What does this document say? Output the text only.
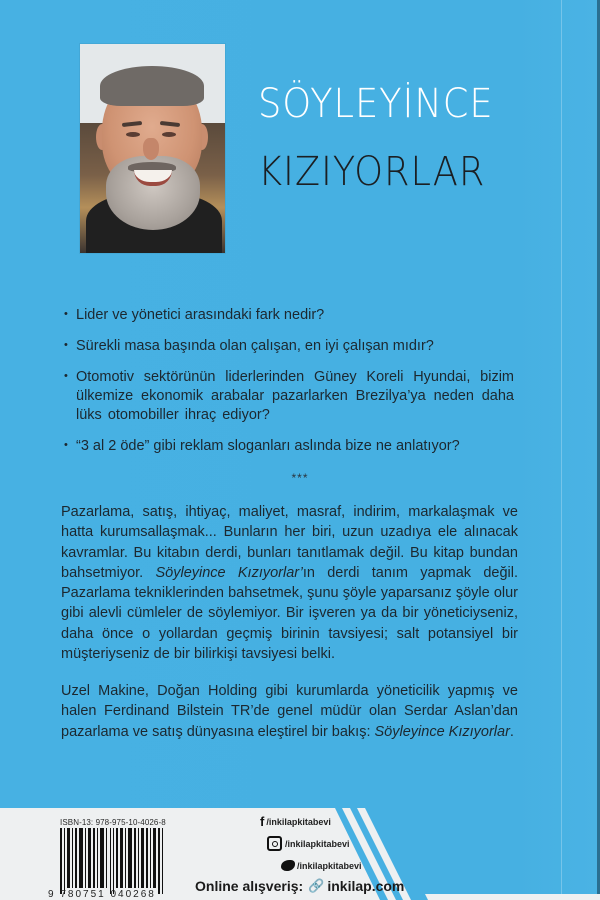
SÖYLEYİNCE
KIZIYORLAR
• Lider ve yönetici arasındaki fark nedir?
• Sürekli masa başında olan çalışan, en iyi çalışan mıdır?
• Otomotiv sektörünün liderlerinden Güney Koreli Hyundai, bizim ülkemize ekonomik arabalar pazarlarken Brezilya’ya neden daha lüks otomobiller ihraç ediyor?
• “3 al 2 öde” gibi reklam sloganları aslında bize ne anlatıyor?
***

Pazarlama, satış, ihtiyaç, maliyet, masraf, indirim, markalaşmak ve hatta kurumsallaşmak... Bunların her biri, uzun uzadıya ele alınacak kavramlar. Bu kitabın derdi, bunları tanıtlamak değil. Bu kitap bundan bahsetmiyor. Söyleyince Kızıyorlar’ın derdi tanım yapmak değil. Pazarlama tekniklerinden bahsetmek, şunu şöyle yaparsanız şöyle olur gibi alevli cümleler de söylemiyor. Bir işveren ya da bir yöneticiyseniz, daha önce o yollardan geçmiş birinin tavsiyesi; salt potansiyel bir müşteriyseniz de bir bilirkişi tavsiyesi belki.

Uzel Makine, Doğan Holding gibi kurumlarda yöneticilik yapmış ve halen Ferdinand Bilstein TR’de genel müdür olan Serdar Aslan’dan pazarlama ve satış dünyasına eleştirel bir bakış: Söyleyince Kızıyorlar.

ISBN-13: 978-975-10-4026-8
9 780751 040268
f /inkilapkitabevi
/inkilapkitabevi
/inkilapkitabevi
Online alışveriş: 🔗 inkilap.com
